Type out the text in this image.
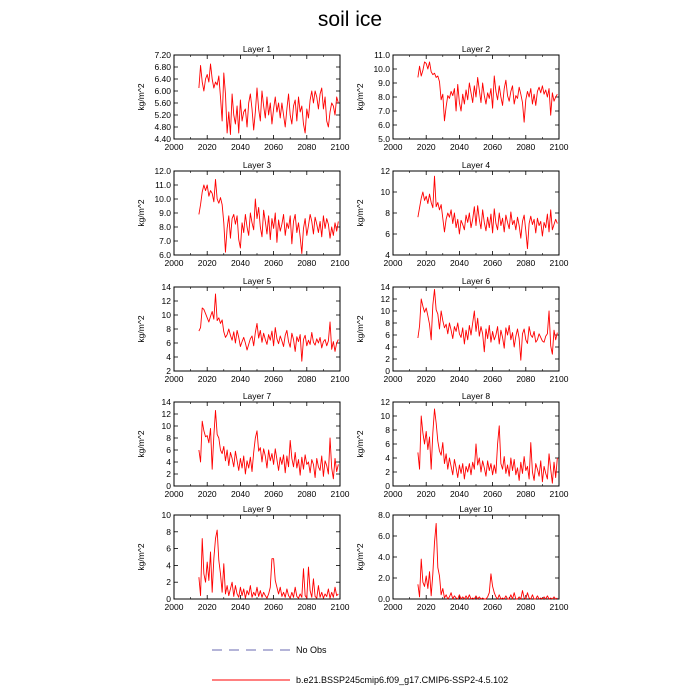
soil ice
Layer 1
2000 2020 2040 2060 2080 2100
4.40
4.80
5.20
5.60
6.00
6.40
6.80
7.20
kg/m^2
Layer 2
2000 2020 2040 2060 2080 2100
5.0
6.0
7.0
8.0
9.0
10.0
11.0
kg/m^2
Layer 3
2000 2020 2040 2060 2080 2100
6.0
7.0
8.0
9.0
10.0
11.0
12.0
kg/m^2
Layer 4
2000 2020 2040 2060 2080 2100
4
6
8
10
12
kg/m^2
Layer 5
2000 2020 2040 2060 2080 2100
2
4
6
8
10
12
14
kg/m^2
Layer 6
2000 2020 2040 2060 2080 2100
0
2
4
6
8
10
12
14
kg/m^2
Layer 7
2000 2020 2040 2060 2080 2100
0
2
4
6
8
10
12
14
kg/m^2
Layer 8
2000 2020 2040 2060 2080 2100
0
2
4
6
8
10
12
kg/m^2
Layer 9
2000 2020 2040 2060 2080 2100
0
2
4
6
8
10
kg/m^2
Layer 10
2000 2020 2040 2060 2080 2100
0.0
2.0
4.0
6.0
8.0
kg/m^2
No Obs
b.e21.BSSP245cmip6.f09_g17.CMIP6-SSP2-4.5.102
